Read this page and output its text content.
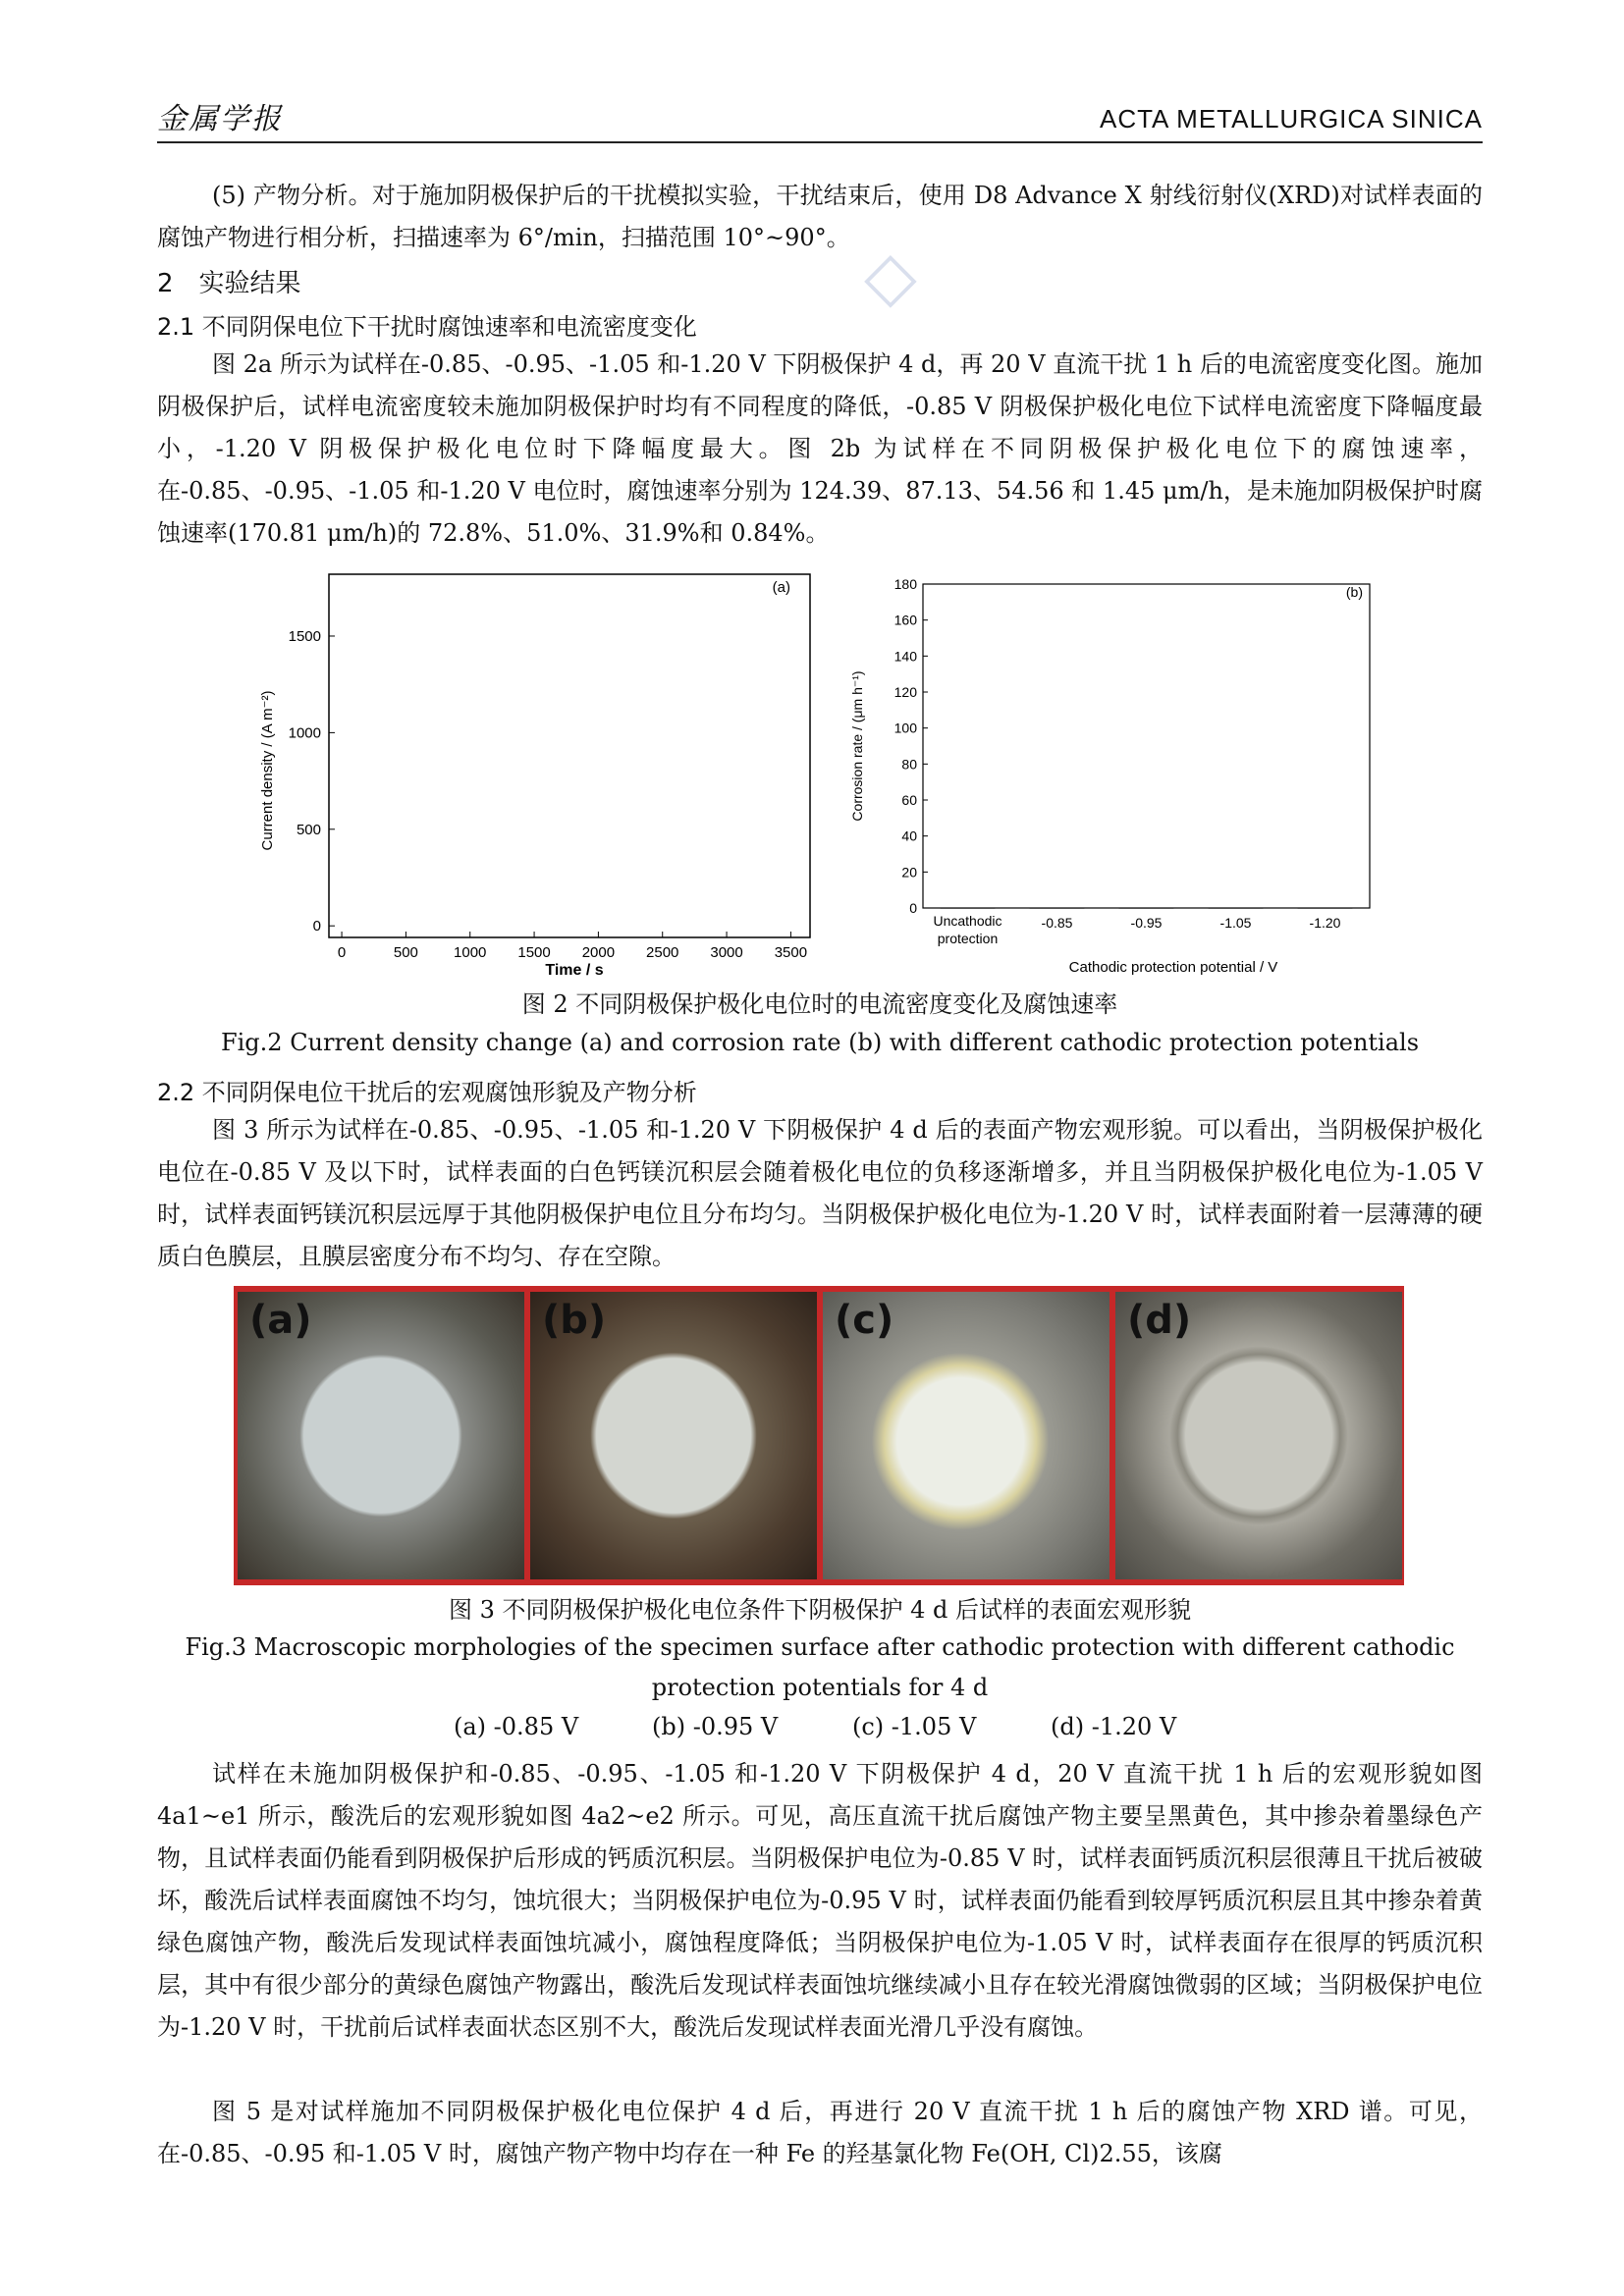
金属学报	ACTA METALLURGICA SINICA

(5) 产物分析。对于施加阴极保护后的干扰模拟实验，干扰结束后，使用 D8 Advance X 射线衍射仪(XRD)对试样表面的腐蚀产物进行相分析，扫描速率为 6°/min，扫描范围 10°~90°。

2　实验结果

2.1 不同阴保电位下干扰时腐蚀速率和电流密度变化

图 2a 所示为试样在-0.85、-0.95、-1.05 和-1.20 V 下阴极保护 4 d，再 20 V 直流干扰 1 h 后的电流密度变化图。施加阴极保护后，试样电流密度较未施加阴极保护时均有不同程度的降低，-0.85 V 阴极保护极化电位下试样电流密度下降幅度最小，-1.20 V 阴极保护极化电位时下降幅度最大。图 2b 为试样在不同阴极保护极化电位下的腐蚀速率，在-0.85、-0.95、-1.05 和-1.20 V 电位时，腐蚀速率分别为 124.39、87.13、54.56 和 1.45 μm/h，是未施加阴极保护时腐蚀速率(170.81 μm/h)的 72.8%、51.0%、31.9%和 0.84%。

0	500 1000 1500 2000 2500 3000 3500
0
500
1000
1500
(a)
Time / s
Current density / (A m⁻²)
0
20
40
60
80
100
120
140
160
180
Uncathodic
protection
-0.85	-0.95	-1.05	-1.20
(b)
Cathodic protection potential / V
Corrosion rate / (μm h⁻¹)

图 2 不同阴极保护极化电位时的电流密度变化及腐蚀速率

Fig.2 Current density change (a) and corrosion rate (b) with different cathodic protection potentials

2.2 不同阴保电位干扰后的宏观腐蚀形貌及产物分析

图 3 所示为试样在-0.85、-0.95、-1.05 和-1.20 V 下阴极保护 4 d 后的表面产物宏观形貌。可以看出，当阴极保护极化电位在-0.85 V 及以下时，试样表面的白色钙镁沉积层会随着极化电位的负移逐渐增多，并且当阴极保护极化电位为-1.05 V 时，试样表面钙镁沉积层远厚于其他阴极保护电位且分布均匀。当阴极保护极化电位为-1.20 V 时，试样表面附着一层薄薄的硬质白色膜层，且膜层密度分布不均匀、存在空隙。

(a)	(b)	(c)	(d)

图 3 不同阴极保护极化电位条件下阴极保护 4 d 后试样的表面宏观形貌

Fig.3 Macroscopic morphologies of the specimen surface after cathodic protection with different cathodic

protection potentials for 4 d

(a) -0.85 V	(b) -0.95 V	(c) -1.05 V	(d) -1.20 V

试样在未施加阴极保护和-0.85、-0.95、-1.05 和-1.20 V 下阴极保护 4 d，20 V 直流干扰 1 h 后的宏观形貌如图 4a1~e1 所示，酸洗后的宏观形貌如图 4a2~e2 所示。可见，高压直流干扰后腐蚀产物主要呈黑黄色，其中掺杂着墨绿色产物，且试样表面仍能看到阴极保护后形成的钙质沉积层。当阴极保护电位为-0.85 V 时，试样表面钙质沉积层很薄且干扰后被破坏，酸洗后试样表面腐蚀不均匀，蚀坑很大；当阴极保护电位为-0.95 V 时，试样表面仍能看到较厚钙质沉积层且其中掺杂着黄绿色腐蚀产物，酸洗后发现试样表面蚀坑减小，腐蚀程度降低；当阴极保护电位为-1.05 V 时，试样表面存在很厚的钙质沉积层，其中有很少部分的黄绿色腐蚀产物露出，酸洗后发现试样表面蚀坑继续减小且存在较光滑腐蚀微弱的区域；当阴极保护电位为-1.20 V 时，干扰前后试样表面状态区别不大，酸洗后发现试样表面光滑几乎没有腐蚀。

图 5 是对试样施加不同阴极保护极化电位保护 4 d 后，再进行 20 V 直流干扰 1 h 后的腐蚀产物 XRD 谱。可见，在-0.85、-0.95 和-1.05 V 时，腐蚀产物产物中均存在一种 Fe 的羟基氯化物 Fe(OH, Cl)2.55，该腐

◇
